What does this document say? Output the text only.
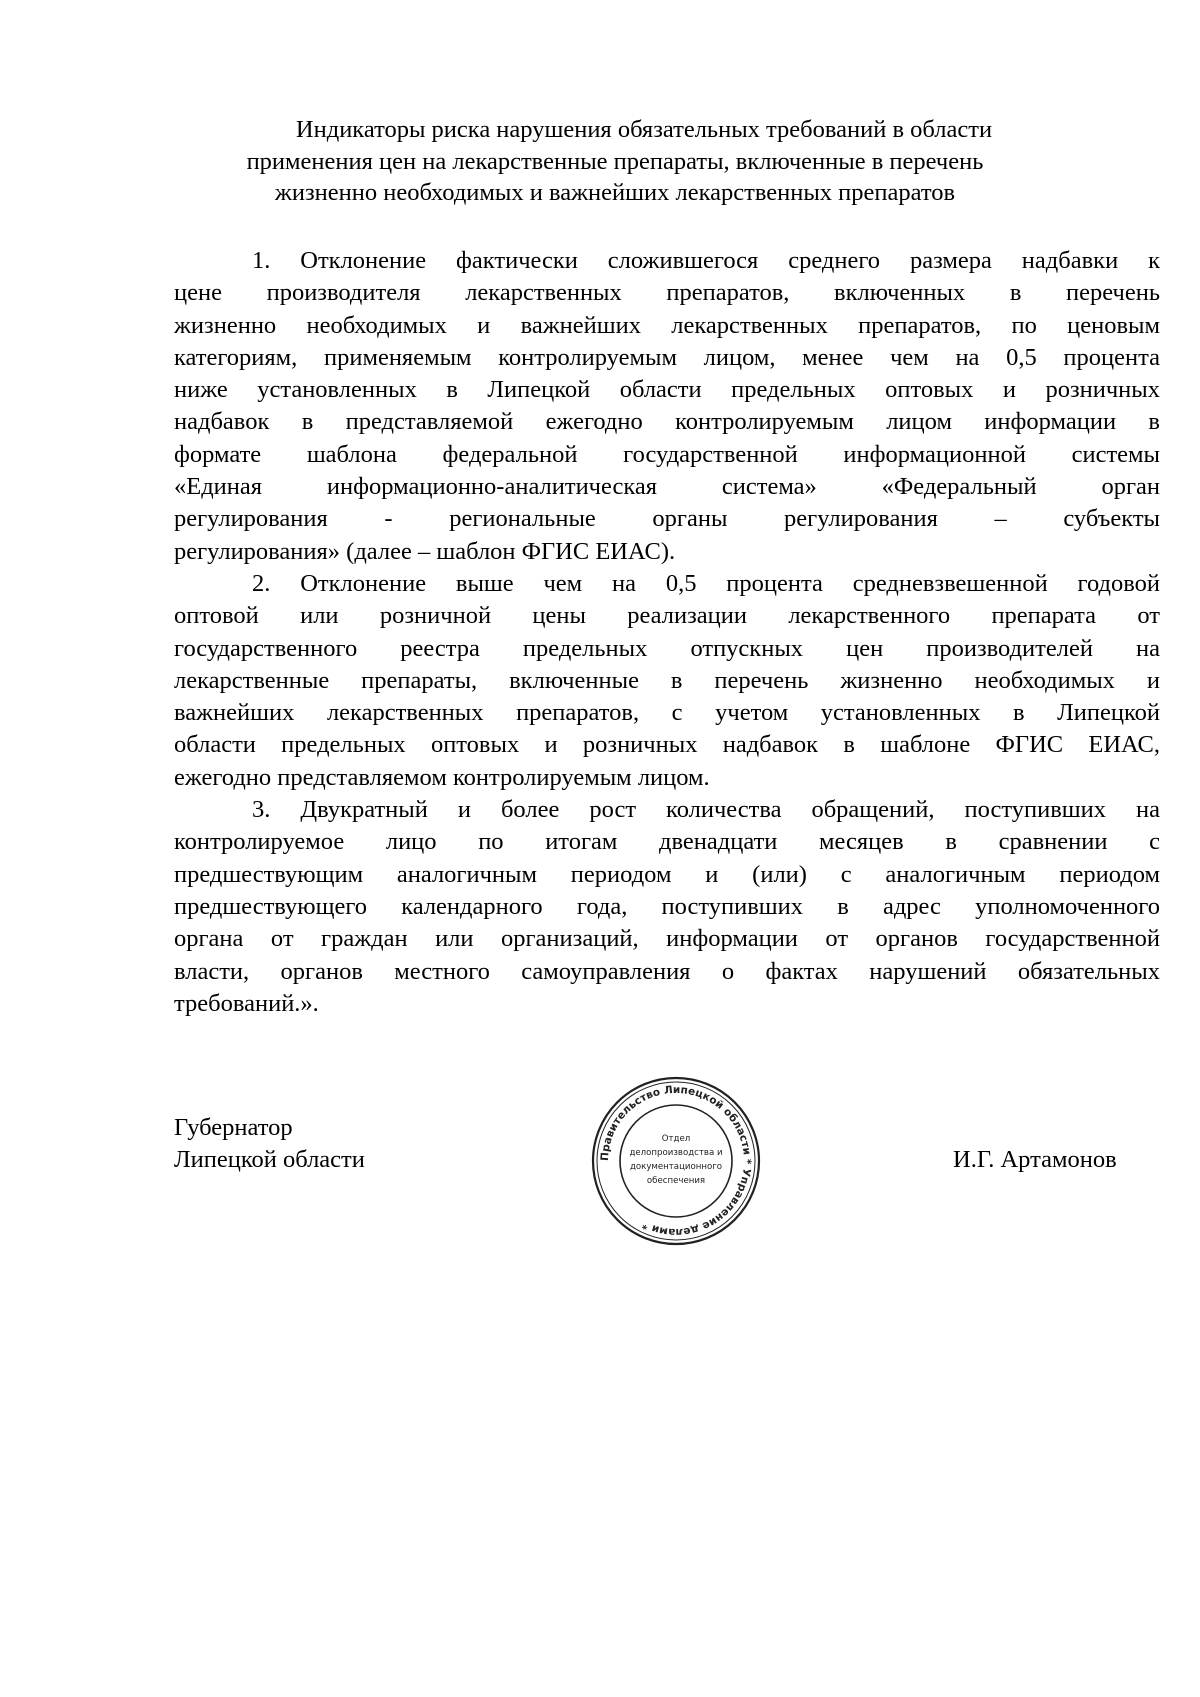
Индикаторы риска нарушения обязательных требований в области
применения цен на лекарственные препараты, включенные в перечень
жизненно необходимых и важнейших лекарственных препаратов

1. Отклонение фактически сложившегося среднего размера надбавки к
цене производителя лекарственных препаратов, включенных в перечень
жизненно необходимых и важнейших лекарственных препаратов, по ценовым
категориям, применяемым контролируемым лицом, менее чем на 0,5 процента
ниже установленных в Липецкой области предельных оптовых и розничных
надбавок в представляемой ежегодно контролируемым лицом информации в
формате шаблона федеральной государственной информационной системы
«Единая информационно-аналитическая система» «Федеральный орган
регулирования - региональные органы регулирования – субъекты
регулирования» (далее – шаблон ФГИС ЕИАС).

2. Отклонение выше чем на 0,5 процента средневзвешенной годовой
оптовой или розничной цены реализации лекарственного препарата от
государственного реестра предельных отпускных цен производителей на
лекарственные препараты, включенные в перечень жизненно необходимых и
важнейших лекарственных препаратов, с учетом установленных в Липецкой
области предельных оптовых и розничных надбавок в шаблоне ФГИС ЕИАС,
ежегодно представляемом контролируемым лицом.

3. Двукратный и более рост количества обращений, поступивших на
контролируемое лицо по итогам двенадцати месяцев в сравнении с
предшествующим аналогичным периодом и (или) с аналогичным периодом
предшествующего календарного года, поступивших в адрес уполномоченного
органа от граждан или организаций, информации от органов государственной
власти, органов местного самоуправления о фактах нарушений обязательных
требований.».

Губернатор
Липецкой области	Правительство Липецкой области * Управление делами *
Отдел
делопроизводства и
документационного
обеспечения
И.Г. Артамонов
